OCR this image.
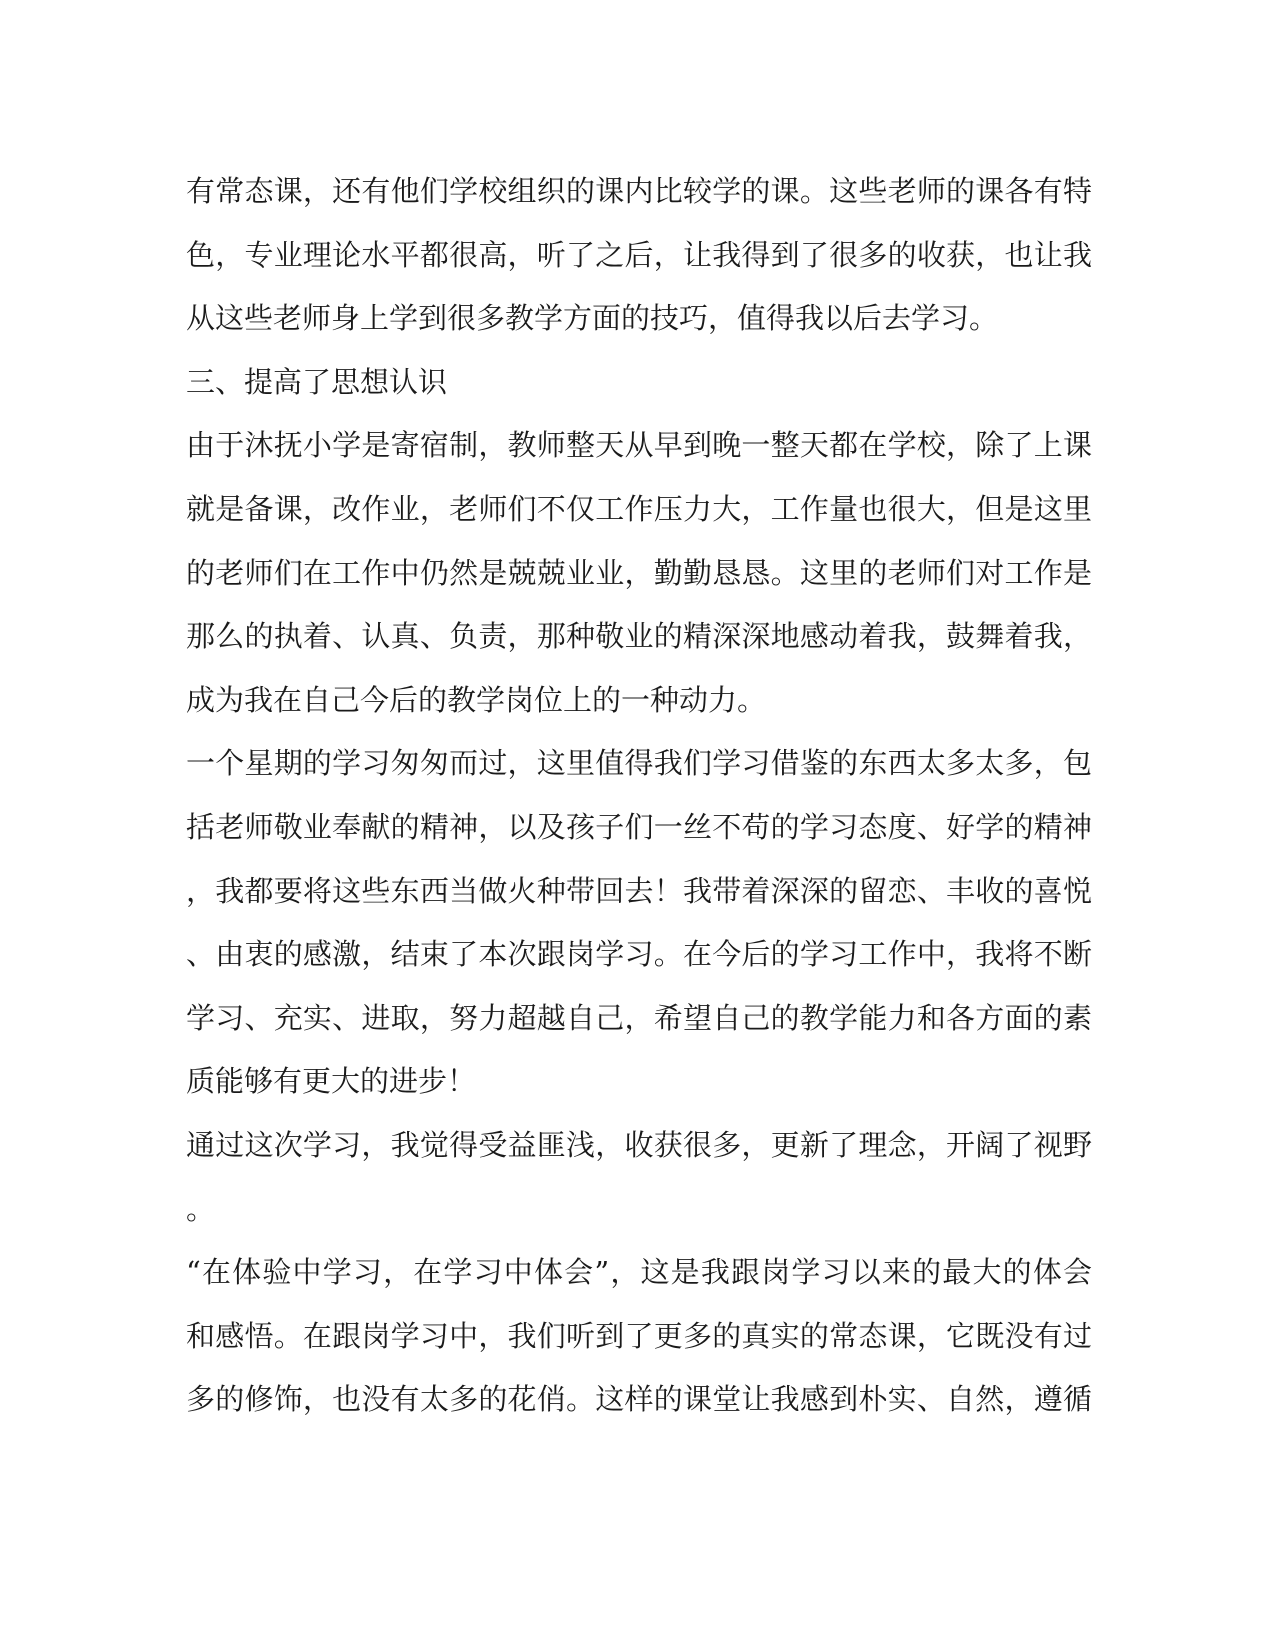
有常态课，还有他们学校组织的课内比较学的课。这些老师的课各有特
色，专业理论水平都很高，听了之后，让我得到了很多的收获，也让我
从这些老师身上学到很多教学方面的技巧，值得我以后去学习。
三、提高了思想认识
由于沐抚小学是寄宿制，教师整天从早到晚一整天都在学校，除了上课
就是备课，改作业，老师们不仅工作压力大，工作量也很大，但是这里
的老师们在工作中仍然是兢兢业业，勤勤恳恳。这里的老师们对工作是
那么的执着、认真、负责，那种敬业的精深深地感动着我，鼓舞着我，
成为我在自己今后的教学岗位上的一种动力。
一个星期的学习匆匆而过，这里值得我们学习借鉴的东西太多太多，包
括老师敬业奉献的精神，以及孩子们一丝不苟的学习态度、好学的精神
，我都要将这些东西当做火种带回去！我带着深深的留恋、丰收的喜悦
、由衷的感激，结束了本次跟岗学习。在今后的学习工作中，我将不断
学习、充实、进取，努力超越自己，希望自己的教学能力和各方面的素
质能够有更大的进步！
通过这次学习，我觉得受益匪浅，收获很多，更新了理念，开阔了视野
。
“在体验中学习，在学习中体会”，这是我跟岗学习以来的最大的体会
和感悟。在跟岗学习中，我们听到了更多的真实的常态课，它既没有过
多的修饰，也没有太多的花俏。这样的课堂让我感到朴实、自然，遵循
